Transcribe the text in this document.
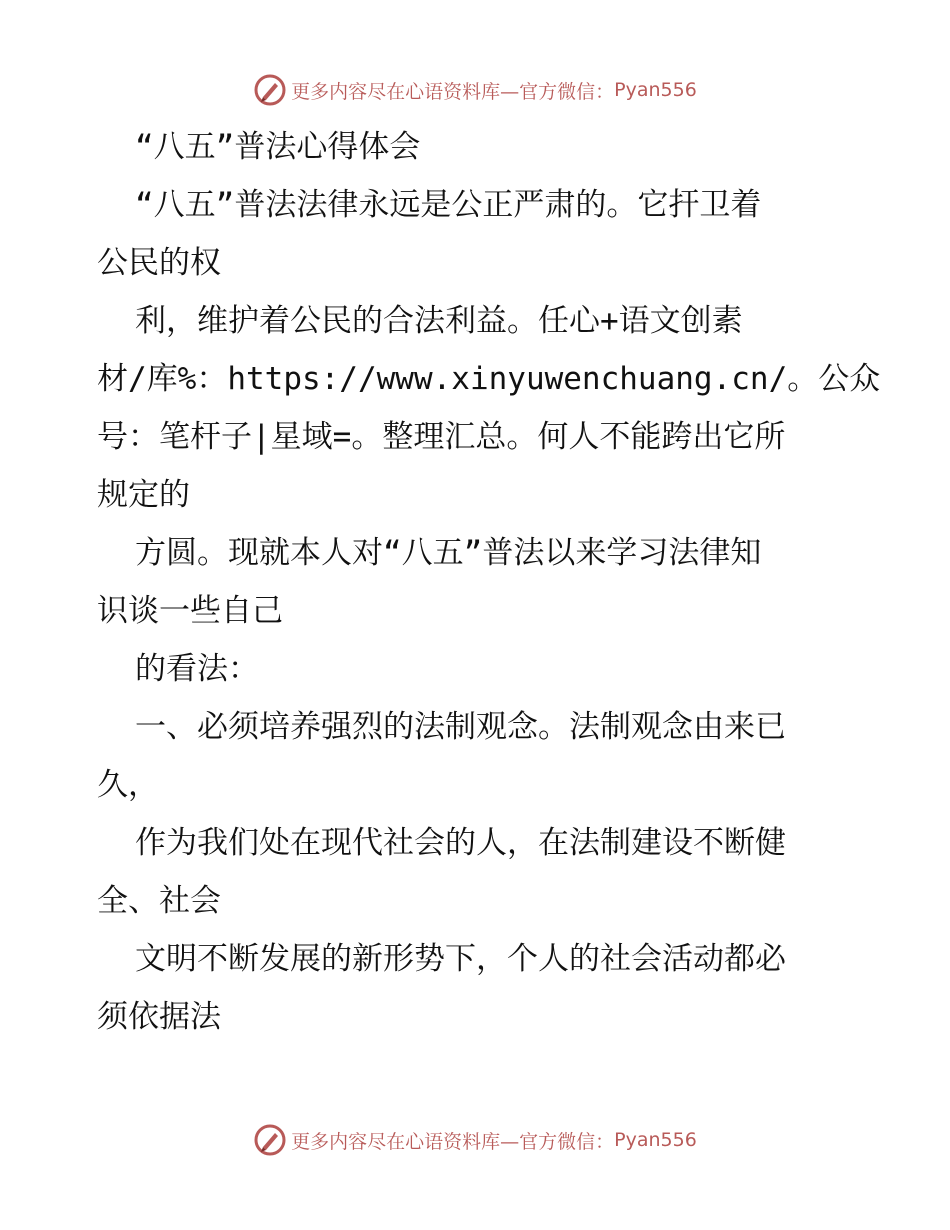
更多内容尽在心语资料库—官方微信： Pyan556
“八五”普法心得体会
“八五”普法法律永远是公正严肃的。它扞卫着
公民的权
利，维护着公民的合法利益。任心+语文创素
材/库%：https://www.xinyuwenchuang.cn/。公众
号：笔杆子|星域=。整理汇总。何人不能跨出它所
规定的
方圆。现就本人对“八五”普法以来学习法律知
识谈一些自己
的看法：
一、必须培养强烈的法制观念。法制观念由来已
久，
作为我们处在现代社会的人，在法制建设不断健
全、社会
文明不断发展的新形势下，个人的社会活动都必
须依据法
更多内容尽在心语资料库—官方微信： Pyan556
